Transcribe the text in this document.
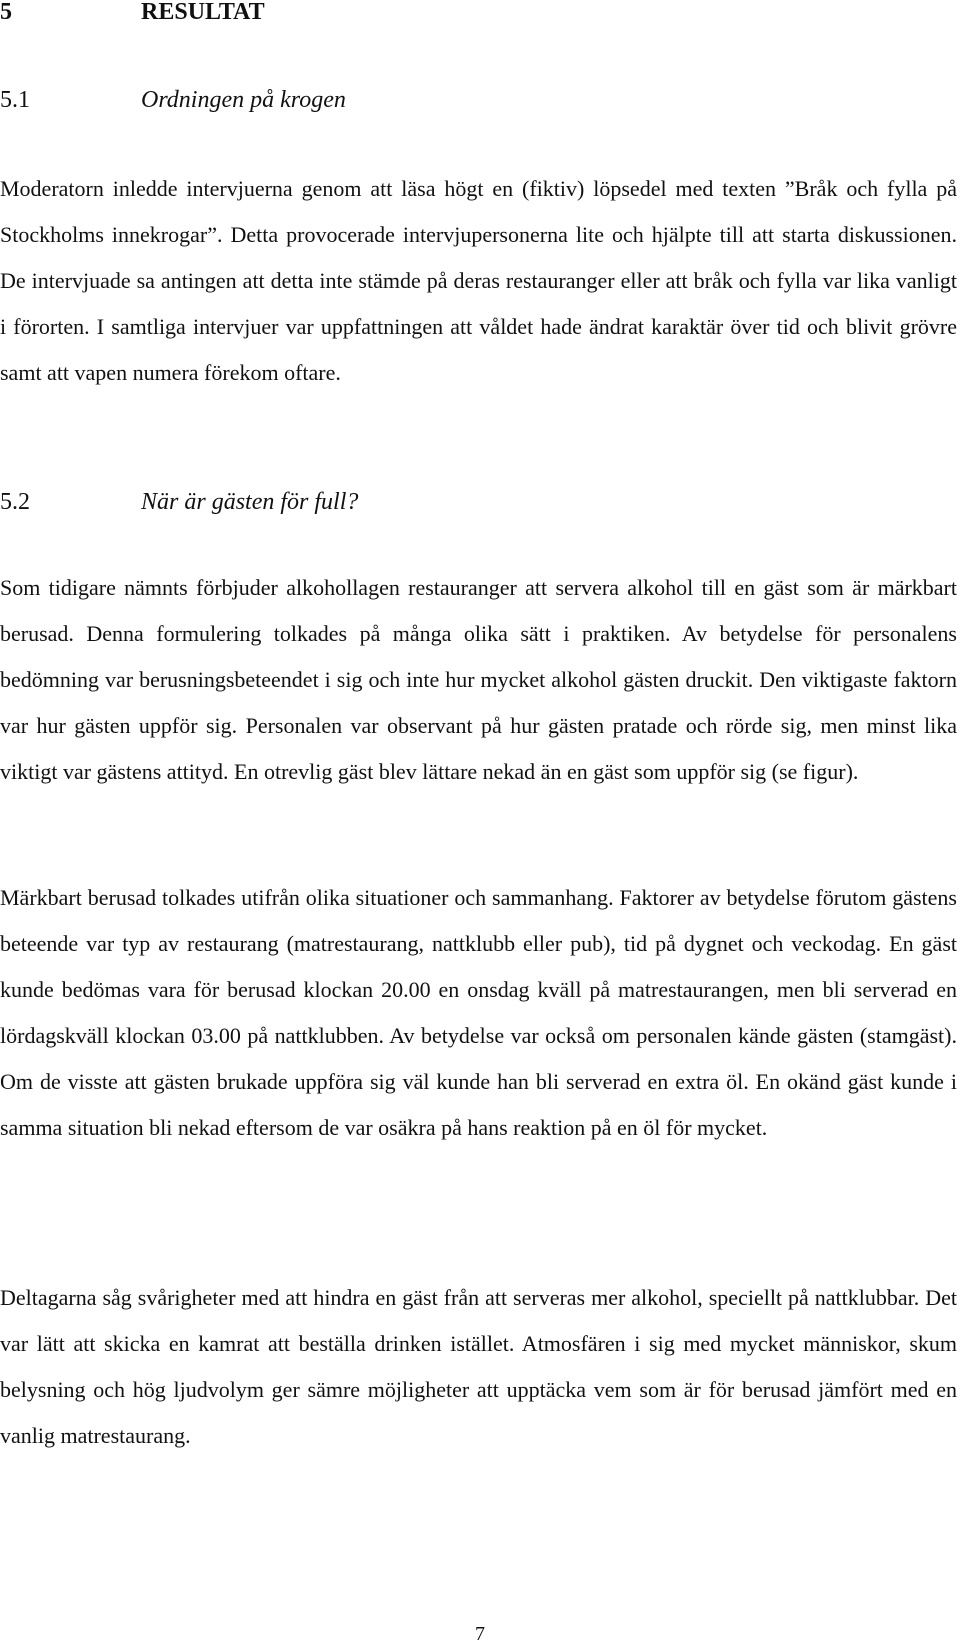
5	RESULTAT
5.1	Ordningen på krogen

Moderatorn inledde intervjuerna genom att läsa högt en (fiktiv) löpsedel med texten ”Bråk och fylla på Stockholms innekrogar”. Detta provocerade intervjupersonerna lite och hjälpte till att starta diskussionen. De intervjuade sa antingen att detta inte stämde på deras restauranger eller att bråk och fylla var lika vanligt i förorten. I samtliga intervjuer var uppfattningen att våldet hade ändrat karaktär över tid och blivit grövre samt att vapen numera förekom oftare.

5.2	När är gästen för full?

Som tidigare nämnts förbjuder alkohollagen restauranger att servera alkohol till en gäst som är märkbart berusad. Denna formulering tolkades på många olika sätt i praktiken. Av betydelse för personalens bedömning var berusningsbeteendet i sig och inte hur mycket alkohol gästen druckit. Den viktigaste faktorn var hur gästen uppför sig. Personalen var observant på hur gästen pratade och rörde sig, men minst lika viktigt var gästens attityd. En otrevlig gäst blev lättare nekad än en gäst som uppför sig (se figur).

Märkbart berusad tolkades utifrån olika situationer och sammanhang. Faktorer av betydelse förutom gästens beteende var typ av restaurang (matrestaurang, nattklubb eller pub), tid på dygnet och veckodag. En gäst kunde bedömas vara för berusad klockan 20.00 en onsdag kväll på matrestaurangen, men bli serverad en lördagskväll klockan 03.00 på nattklubben. Av betydelse var också om personalen kände gästen (stamgäst). Om de visste att gästen brukade uppföra sig väl kunde han bli serverad en extra öl. En okänd gäst kunde i samma situation bli nekad eftersom de var osäkra på hans reaktion på en öl för mycket.

Deltagarna såg svårigheter med att hindra en gäst från att serveras mer alkohol, speciellt på nattklubbar. Det var lätt att skicka en kamrat att beställa drinken istället. Atmosfären i sig med mycket människor, skum belysning och hög ljudvolym ger sämre möjligheter att upptäcka vem som är för berusad jämfört med en vanlig matrestaurang.

7
